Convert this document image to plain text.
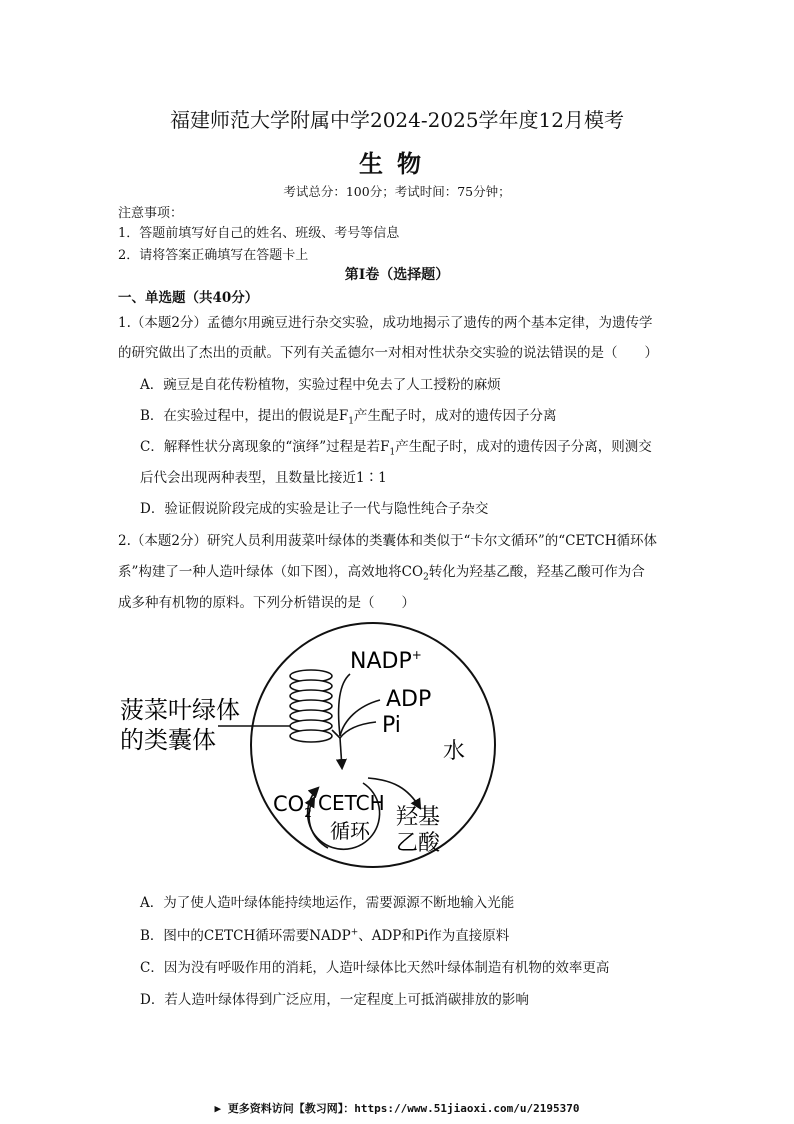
福建师范大学附属中学2024-2025学年度12月模考
生物
考试总分：100分；考试时间：75分钟；
注意事项：
1．答题前填写好自己的姓名、班级、考号等信息
2．请将答案正确填写在答题卡上
第Ⅰ卷（选择题）
一、单选题（共40分）
1.（本题2分）孟德尔用豌豆进行杂交实验，成功地揭示了遗传的两个基本定律，为遗传学
的研究做出了杰出的贡献。下列有关孟德尔一对相对性状杂交实验的说法错误的是（　　）
A．豌豆是自花传粉植物，实验过程中免去了人工授粉的麻烦
B．在实验过程中，提出的假说是$F_1$产生配子时，成对的遗传因子分离
C．解释性状分离现象的“演绎”过程是若$F_1$产生配子时，成对的遗传因子分离，则测交
后代会出现两种表型，且数量比接近1∶1
D．验证假说阶段完成的实验是让子一代与隐性纯合子杂交
2.（本题2分）研究人员利用菠菜叶绿体的类囊体和类似于“卡尔文循环”的“CETCH循环体
系”构建了一种人造叶绿体（如下图），高效地将$CO_2$转化为羟基乙酸，羟基乙酸可作为合
成多种有机物的原料。下列分析错误的是（　　）
菠菜叶绿体
的类囊体
NADP+
ADP
Pi
水
$CO_2$ CETCH
循环
羟基
乙酸
A．为了使人造叶绿体能持续地运作，需要源源不断地输入光能
B．图中的CETCH循环需要NADP+、ADP和Pi作为直接原料
C．因为没有呼吸作用的消耗，人造叶绿体比天然叶绿体制造有机物的效率更高
D．若人造叶绿体得到广泛应用，一定程度上可抵消碳排放的影响
▶ 更多资料访问【教习网】：https://www.51jiaoxi.com/u/2195370
